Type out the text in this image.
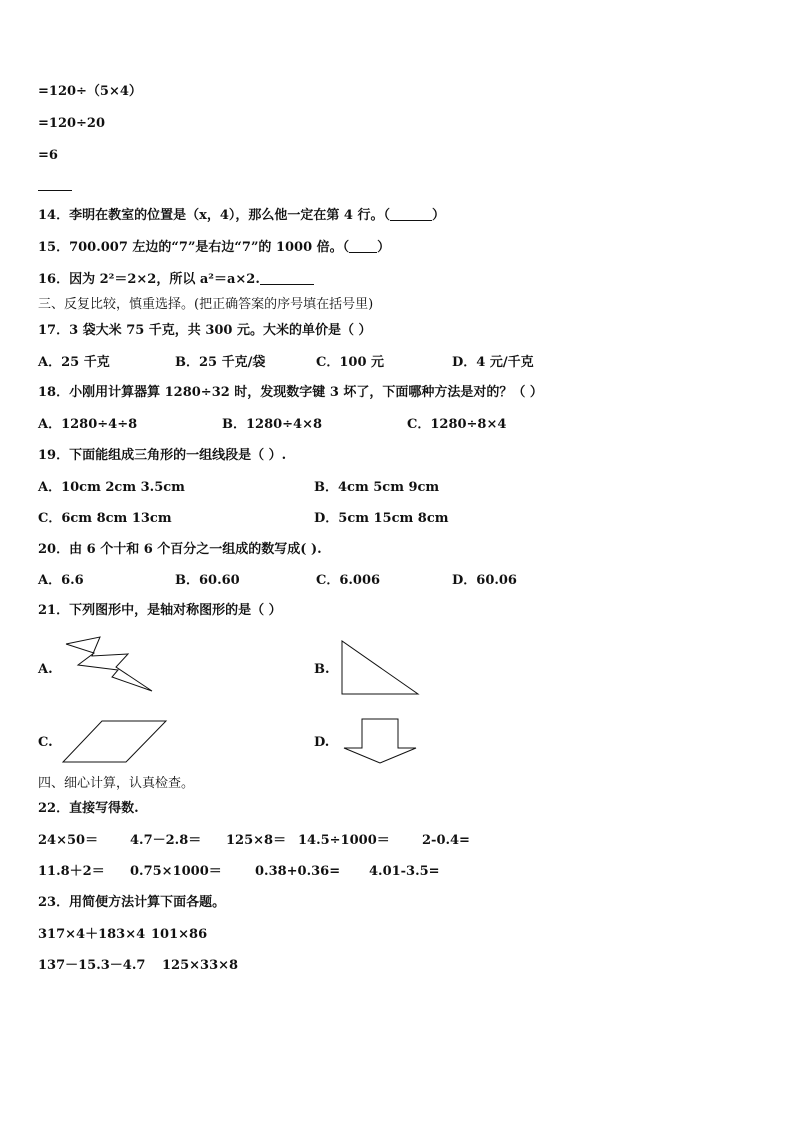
=120÷（5×4）
=120÷20
=6
14．李明在教室的位置是（x，4），那么他一定在第 4 行。（	）
15．700.007 左边的“7”是右边“7”的 1000 倍。（ ）
16．因为 2²＝2×2，所以 a²＝a×2.
三、反复比较，慎重选择。(把正确答案的序号填在括号里)
17．3 袋大米 75 千克，共 300 元。大米的单价是（ ）
A．25 千克	B．25 千克/袋	C．100 元	D．4 元/千克
18．小刚用计算器算 1280÷32 时，发现数字键 3 坏了，下面哪种方法是对的？（ ）
A．1280÷4÷8	B．1280÷4×8	C．1280÷8×4
19．下面能组成三角形的一组线段是（ ）.
A．10cm 2cm 3.5cm	B．4cm 5cm 9cm
C．6cm 8cm 13cm	D．5cm 15cm 8cm
20．由 6 个十和 6 个百分之一组成的数写成( ).
A．6.6	B．60.60	C．6.006	D．60.06
21．下列图形中，是轴对称图形的是（ ）
A.	B.
C.	D.
四、细心计算，认真检查。
22．直接写得数.
24×50＝ 4.7－2.8＝ 125×8＝ 14.5÷1000＝ 2-0.4=
11.8＋2＝ 0.75×1000＝	0.38+0.36= 4.01-3.5=
23．用简便方法计算下面各题。
317×4＋183×4 101×86
137－15.3－4.7 125×33×8
